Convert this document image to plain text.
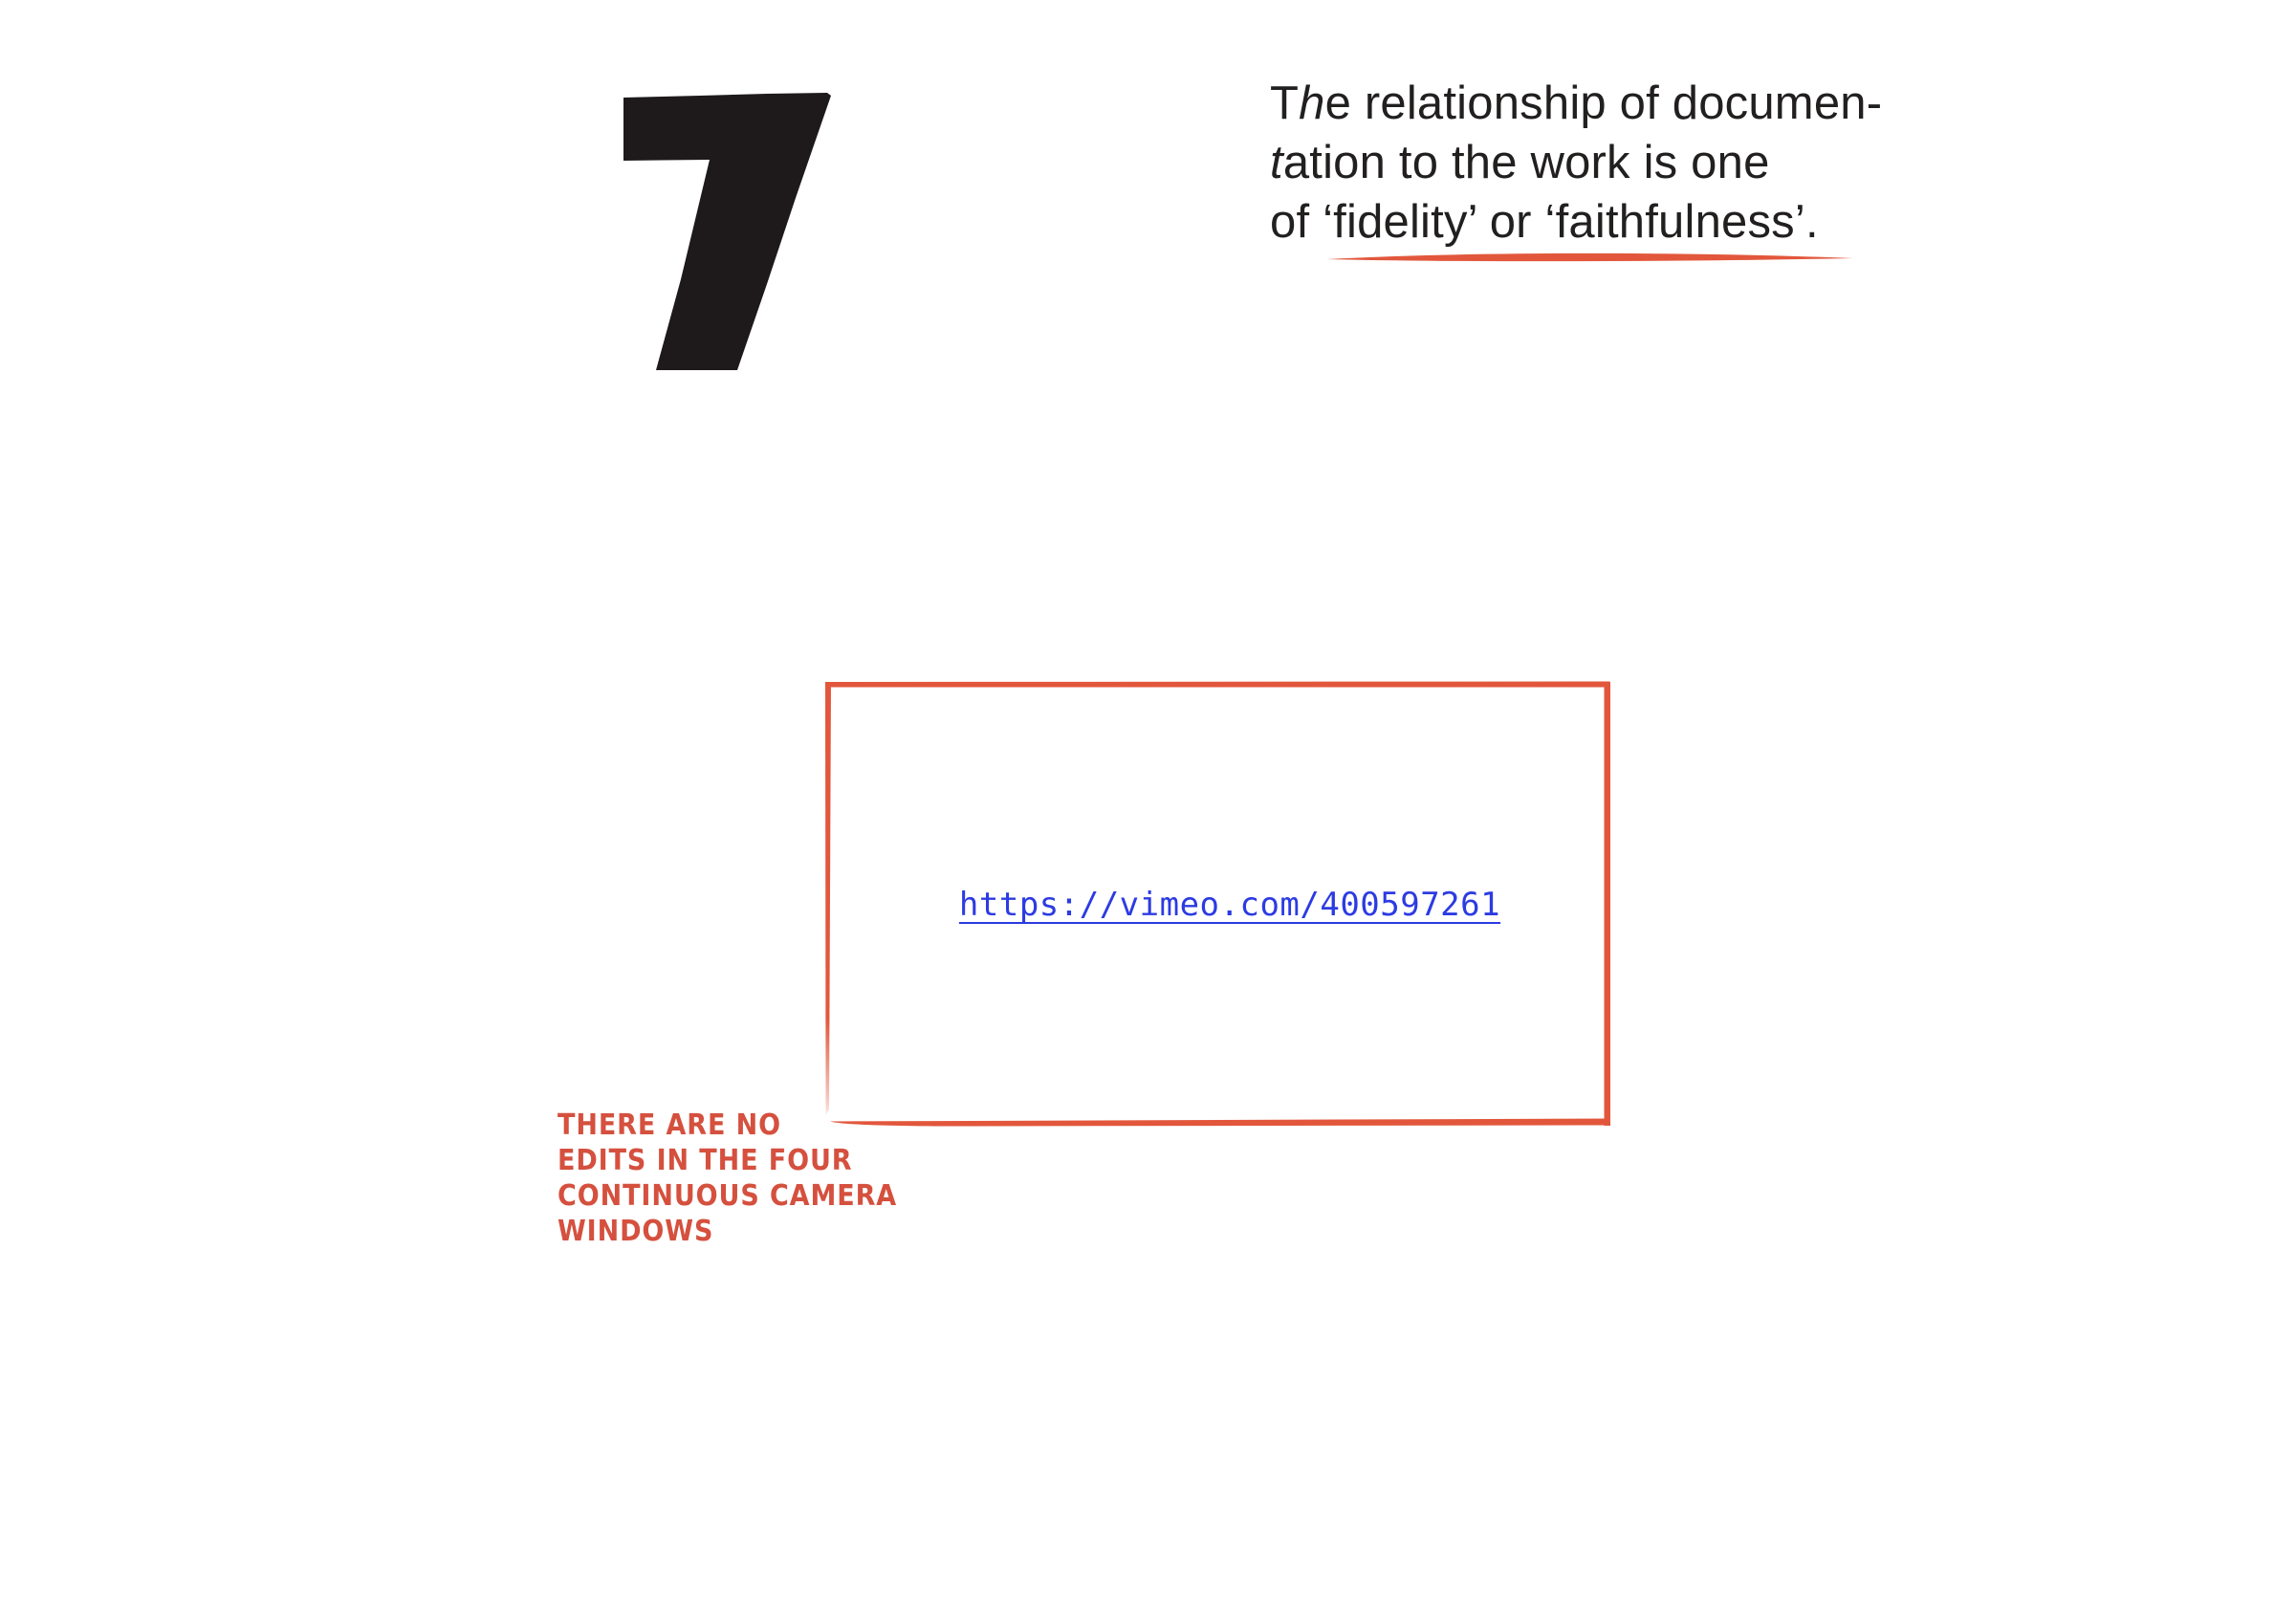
The relationship of documen-
tation to the work is one
of ‘fidelity’ or ‘faithfulness’.
https://vimeo.com/400597261
THERE ARE NO
EDITS IN THE FOUR
CONTINUOUS CAMERA
WINDOWS
